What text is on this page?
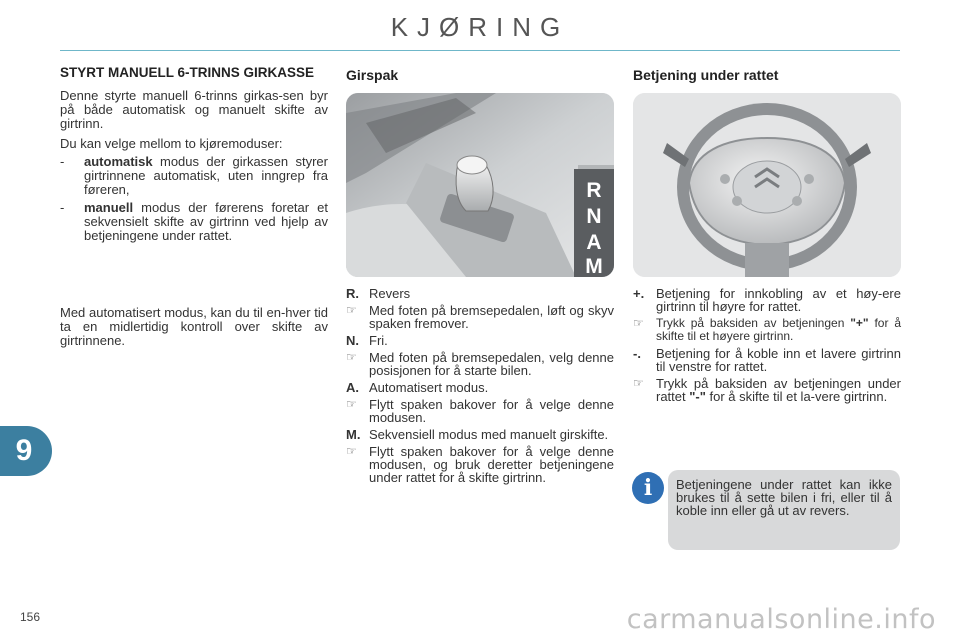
KJØRING
9
156	carmanualsonline.info
STYRT MANUELL 6-TRINNS GIRKASSE

Denne styrte manuell 6-trinns girkas-sen byr på både automatisk og manuelt skifte av girtrinn.

Du kan velge mellom to kjøremoduser:

-	automatisk modus der girkassen styrer girtrinnene automatisk, uten inngrep fra føreren,
-	manuell modus der førerens foretar et sekvensielt skifte av girtrinn ved hjelp av betjeningene under rattet.

Med automatisert modus, kan du til en-hver tid ta en midlertidig kontroll over skifte av girtrinnene.

Girspak
R
N
A
M
R. Revers
☞ Med foten på bremsepedalen, løft og skyv spaken fremover.
N. Fri.
☞ Med foten på bremsepedalen, velg denne posisjonen for å starte bilen.
A. Automatisert modus.
☞ Flytt spaken bakover for å velge denne modusen.
M. Sekvensiell modus med manuelt girskifte.
☞ Flytt spaken bakover for å velge denne modusen, og bruk deretter betjeningene under rattet for å skifte girtrinn.
Betjening under rattet
+. Betjening for innkobling av et høy-ere girtrinn til høyre for rattet.
☞	Trykk på baksiden av betjeningen "+" for å skifte til et høyere girtrinn.
-.	Betjening for å koble inn et lavere girtrinn til venstre for rattet.
☞ Trykk på baksiden av betjeningen under rattet "-" for å skifte til et la-vere girtrinn.
i	Betjeningene under rattet kan ikke brukes til å sette bilen i fri, eller til å koble inn eller gå ut av revers.
